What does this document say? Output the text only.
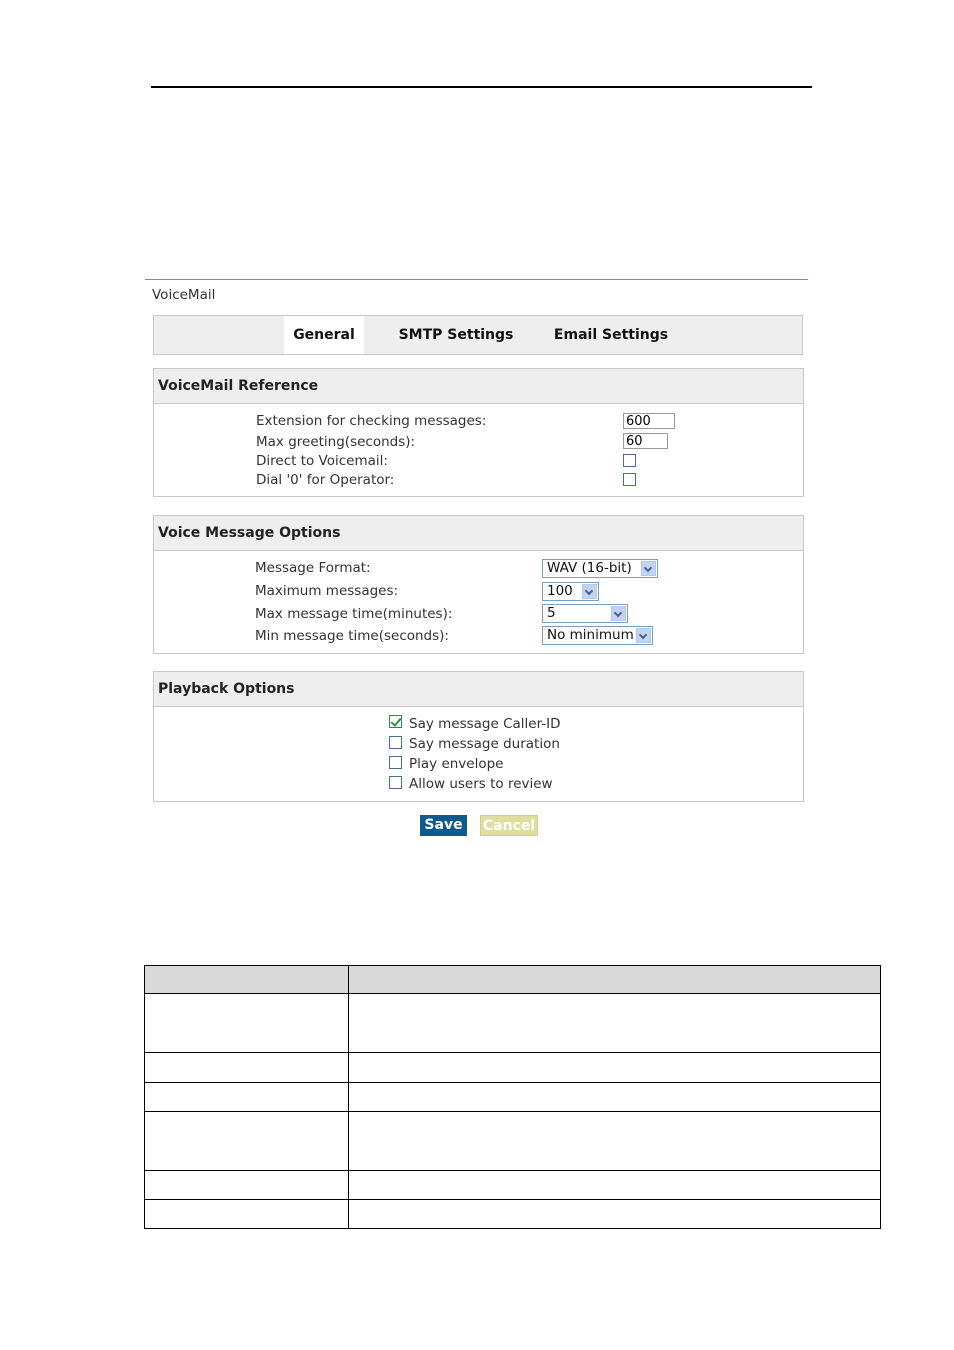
VoiceMail
General	SMTP Settings	Email Settings
VoiceMail Reference
Extension for checking messages:
600
Max greeting(seconds):
60
Direct to Voicemail:
Dial '0' for Operator:
Voice Message Options
Message Format:	WAV (16-bit)
Maximum messages:	100
Max message time(minutes):	5
Min message time(seconds):	No minimum
Playback Options
Say message Caller-ID
Say message duration
Play envelope
Allow users to review
Save	Cancel
